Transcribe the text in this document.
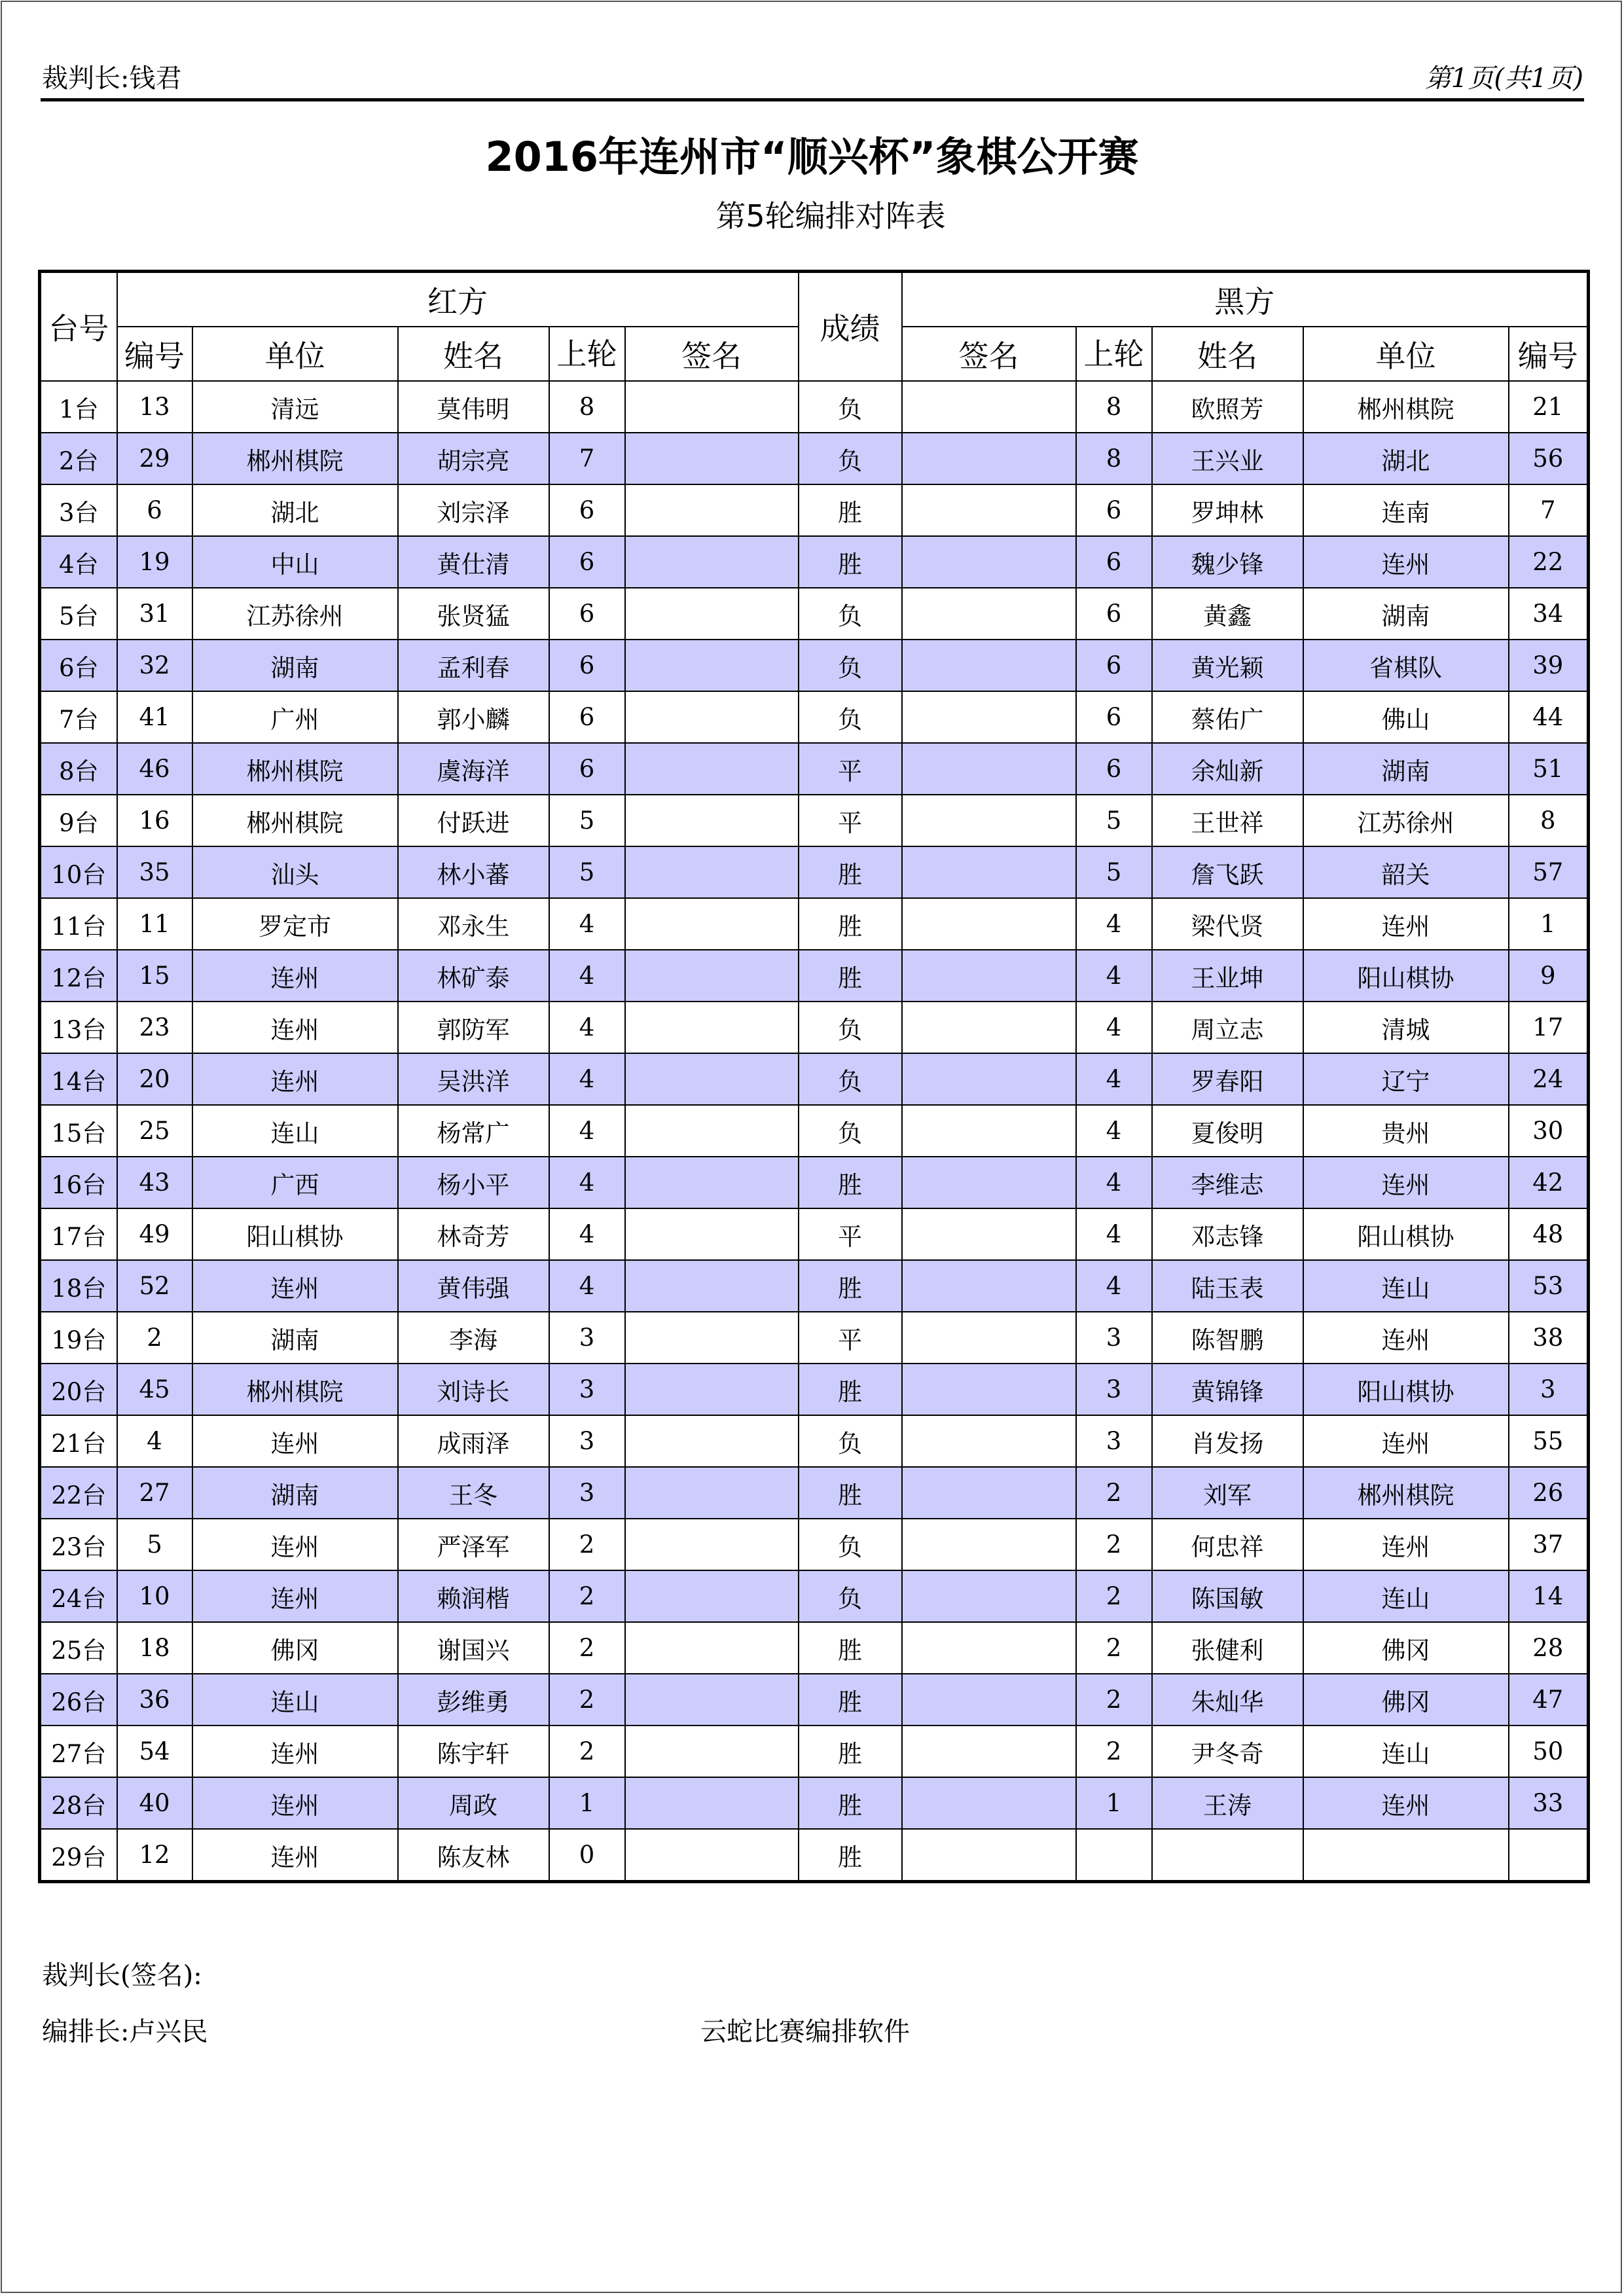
裁判长:钱君	第1页(共1页)
2016年连州市“顺兴杯”象棋公开赛
第5轮编排对阵表
台号	红方					成绩	黑方				
	编号	单位	姓名	上轮	签名		签名	上轮	姓名	单位	编号
1台	13	清远	莫伟明	8		负		8	欧照芳	郴州棋院	21
2台	29	郴州棋院	胡宗亮	7		负		8	王兴业	湖北	56
3台	6	湖北	刘宗泽	6		胜		6	罗坤林	连南	7
4台	19	中山	黄仕清	6		胜		6	魏少锋	连州	22
5台	31	江苏徐州	张贤猛	6		负		6	黄鑫	湖南	34
6台	32	湖南	孟利春	6		负		6	黄光颖	省棋队	39
7台	41	广州	郭小麟	6		负		6	蔡佑广	佛山	44
8台	46	郴州棋院	虞海洋	6		平		6	余灿新	湖南	51
9台	16	郴州棋院	付跃进	5		平		5	王世祥	江苏徐州	8
10台	35	汕头	林小蕃	5		胜		5	詹飞跃	韶关	57
11台	11	罗定市	邓永生	4		胜		4	梁代贤	连州	1
12台	15	连州	林矿泰	4		胜		4	王业坤	阳山棋协	9
13台	23	连州	郭防军	4		负		4	周立志	清城	17
14台	20	连州	吴洪洋	4		负		4	罗春阳	辽宁	24
15台	25	连山	杨常广	4		负		4	夏俊明	贵州	30
16台	43	广西	杨小平	4		胜		4	李维志	连州	42
17台	49	阳山棋协	林奇芳	4		平		4	邓志锋	阳山棋协	48
18台	52	连州	黄伟强	4		胜		4	陆玉表	连山	53
19台	2	湖南	李海	3		平		3	陈智鹏	连州	38
20台	45	郴州棋院	刘诗长	3		胜		3	黄锦锋	阳山棋协	3
21台	4	连州	成雨泽	3		负		3	肖发扬	连州	55
22台	27	湖南	王冬	3		胜		2	刘军	郴州棋院	26
23台	5	连州	严泽军	2		负		2	何忠祥	连州	37
24台	10	连州	赖润楷	2		负		2	陈国敏	连山	14
25台	18	佛冈	谢国兴	2		胜		2	张健利	佛冈	28
26台	36	连山	彭维勇	2		胜		2	朱灿华	佛冈	47
27台	54	连州	陈宇轩	2		胜		2	尹冬奇	连山	50
28台	40	连州	周政	1		胜		1	王涛	连州	33
29台	12	连州	陈友林	0		胜					
裁判长(签名):
编排长:卢兴民	云蛇比赛编排软件
